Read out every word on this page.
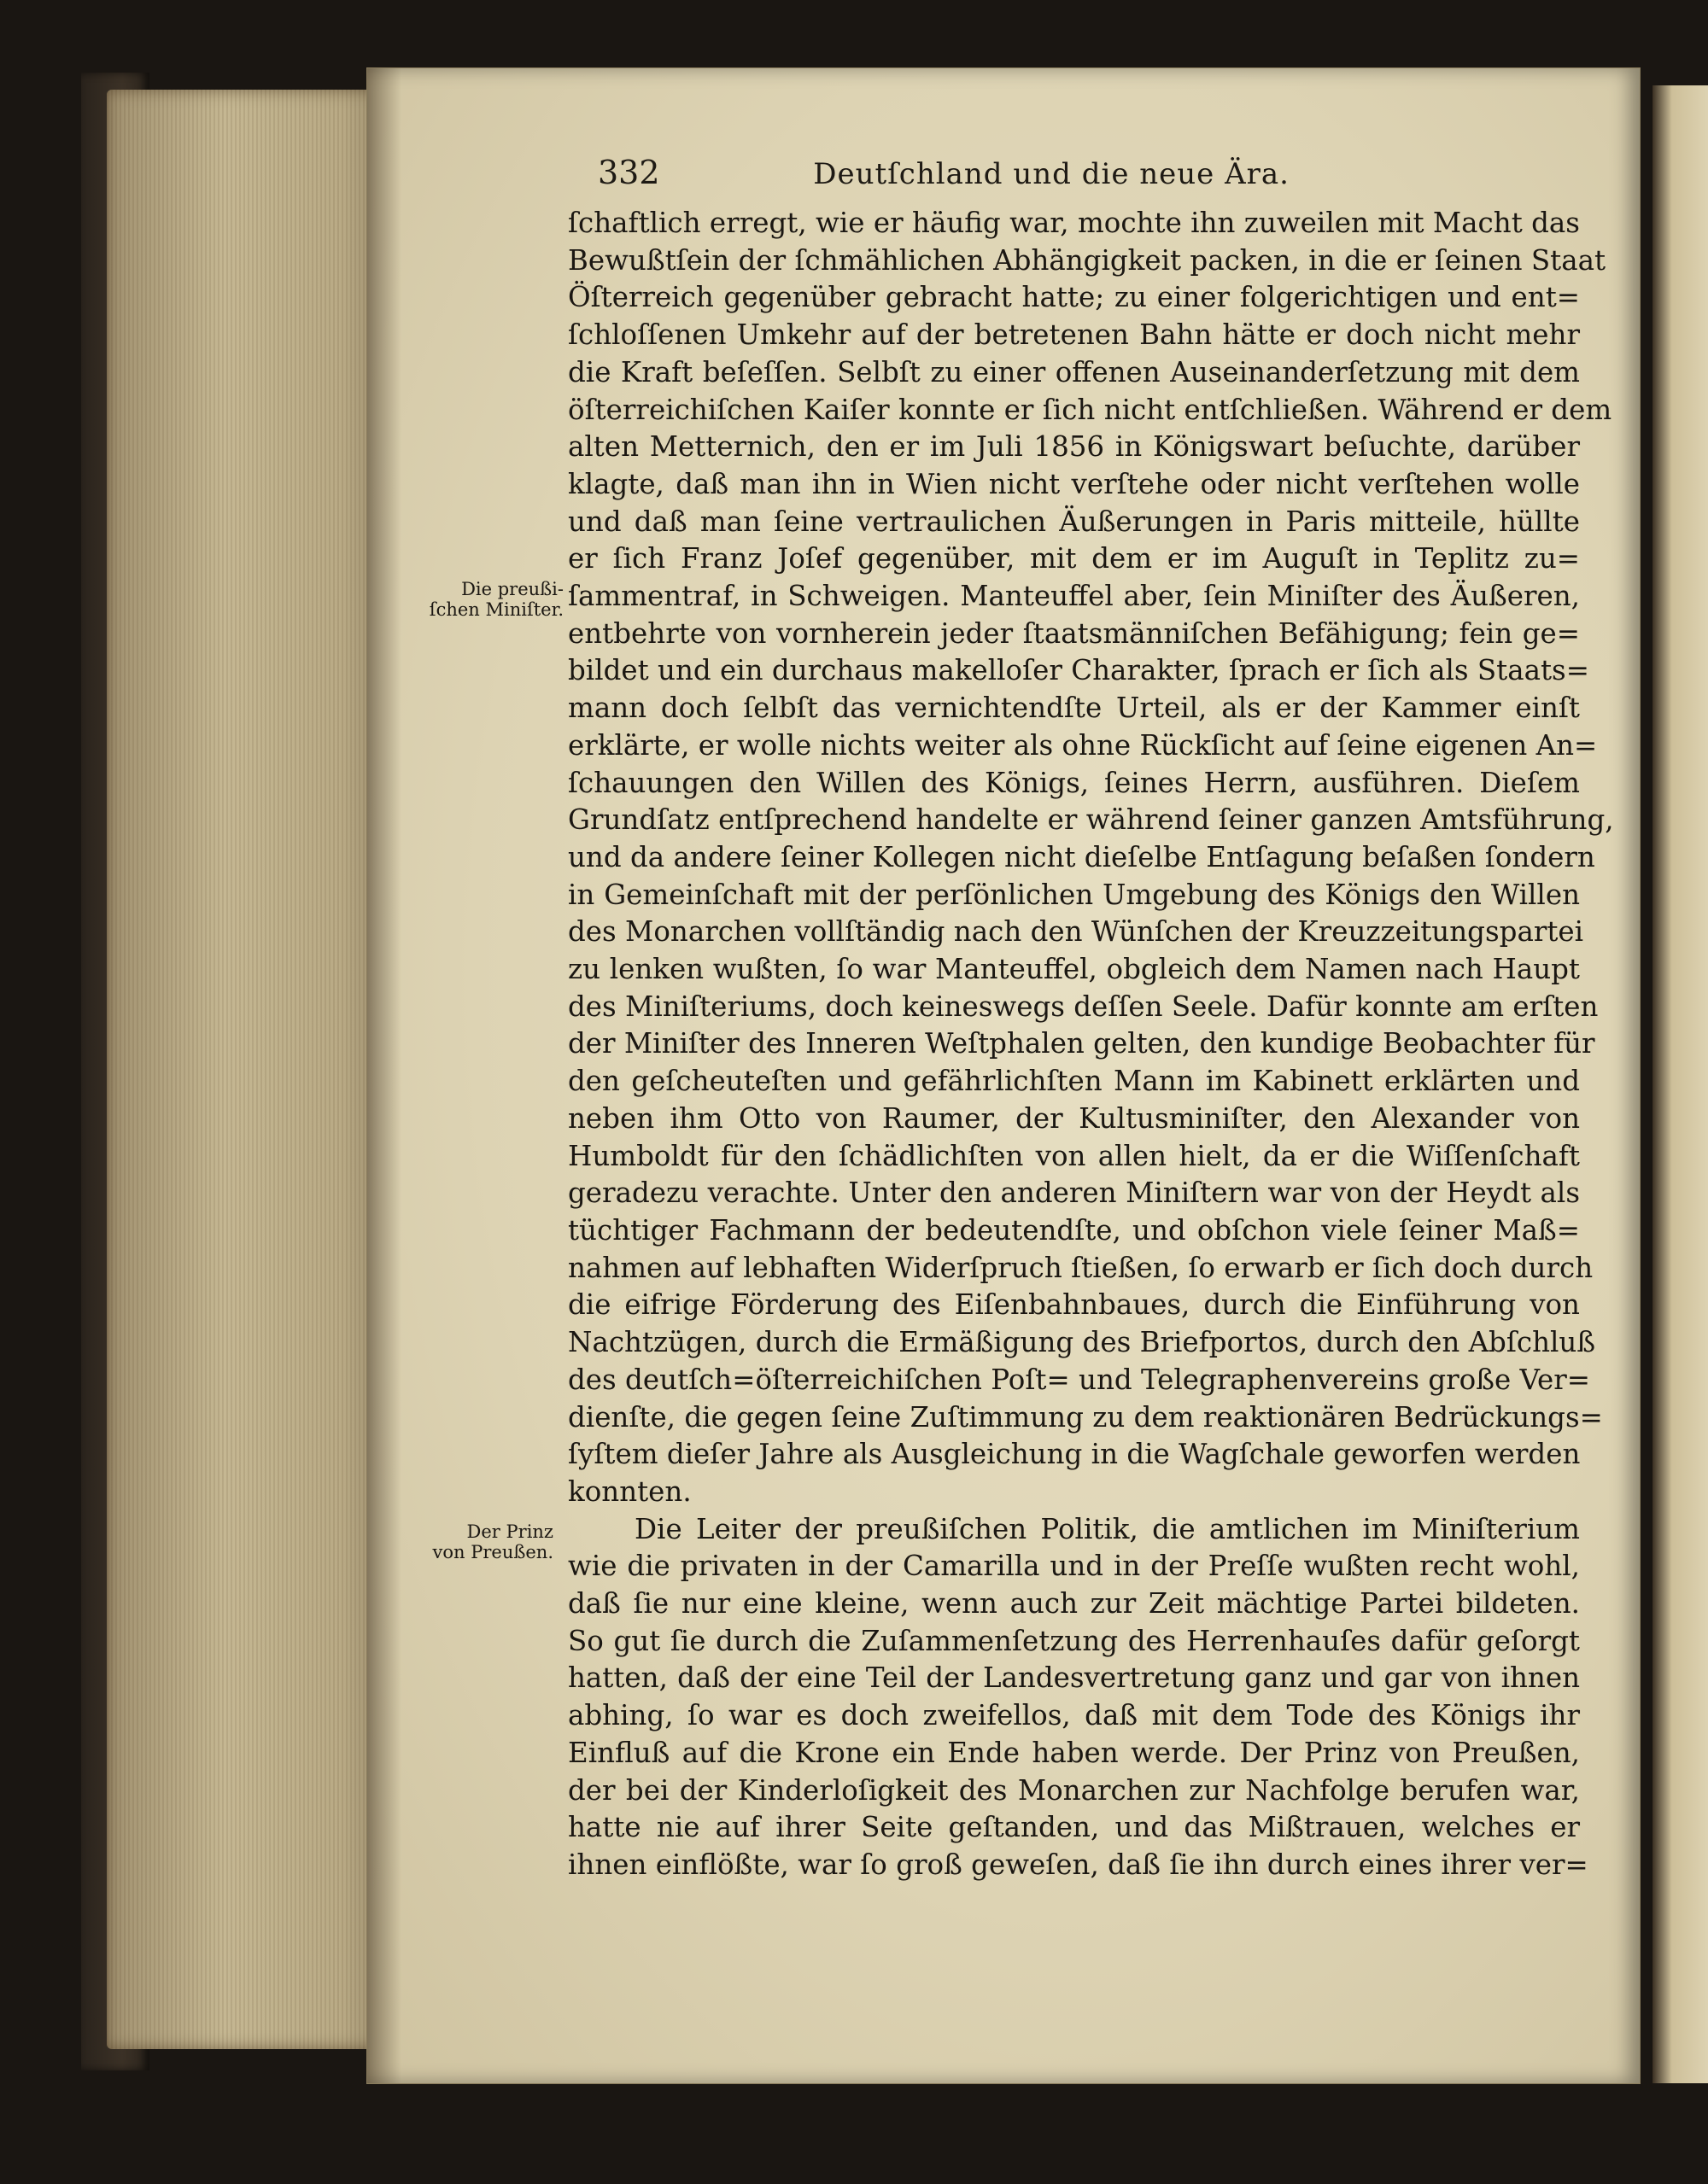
332	Deutſchland und die neue Ära.
Die preußi-
ſchen Miniſter.
Der Prinz
von Preußen.

ſchaftlich erregt, wie er häufig war, mochte ihn zuweilen mit Macht das
Bewußtſein der ſchmählichen Abhängigkeit packen, in die er ſeinen Staat
Öſterreich gegenüber gebracht hatte; zu einer folgerichtigen und ent=
ſchloſſenen Umkehr auf der betretenen Bahn hätte er doch nicht mehr
die Kraft beſeſſen. Selbſt zu einer offenen Auseinanderſetzung mit dem
öſterreichiſchen Kaiſer konnte er ſich nicht entſchließen. Während er dem
alten Metternich, den er im Juli 1856 in Königswart beſuchte, darüber
klagte, daß man ihn in Wien nicht verſtehe oder nicht verſtehen wolle
und daß man ſeine vertraulichen Äußerungen in Paris mitteile, hüllte
er ſich Franz Joſef gegenüber, mit dem er im Auguſt in Teplitz zu=
ſammentraf, in Schweigen. Manteuffel aber, ſein Miniſter des Äußeren,
entbehrte von vornherein jeder ſtaatsmänniſchen Befähigung; fein ge=
bildet und ein durchaus makelloſer Charakter, ſprach er ſich als Staats=
mann doch ſelbſt das vernichtendſte Urteil, als er der Kammer einſt
erklärte, er wolle nichts weiter als ohne Rückſicht auf ſeine eigenen An=
ſchauungen den Willen des Königs, ſeines Herrn, ausführen. Dieſem
Grundſatz entſprechend handelte er während ſeiner ganzen Amtsführung,
und da andere ſeiner Kollegen nicht dieſelbe Entſagung beſaßen ſondern
in Gemeinſchaft mit der perſönlichen Umgebung des Königs den Willen
des Monarchen vollſtändig nach den Wünſchen der Kreuzzeitungspartei
zu lenken wußten, ſo war Manteuffel, obgleich dem Namen nach Haupt
des Miniſteriums, doch keineswegs deſſen Seele. Dafür konnte am erſten
der Miniſter des Inneren Weſtphalen gelten, den kundige Beobachter für
den geſcheuteſten und gefährlichſten Mann im Kabinett erklärten und
neben ihm Otto von Raumer, der Kultusminiſter, den Alexander von
Humboldt für den ſchädlichſten von allen hielt, da er die Wiſſenſchaft
geradezu verachte. Unter den anderen Miniſtern war von der Heydt als
tüchtiger Fachmann der bedeutendſte, und obſchon viele ſeiner Maß=
nahmen auf lebhaften Widerſpruch ſtießen, ſo erwarb er ſich doch durch
die eifrige Förderung des Eiſenbahnbaues, durch die Einführung von
Nachtzügen, durch die Ermäßigung des Briefportos, durch den Abſchluß
des deutſch=öſterreichiſchen Poſt= und Telegraphenvereins große Ver=
dienſte, die gegen ſeine Zuſtimmung zu dem reaktionären Bedrückungs=
ſyſtem dieſer Jahre als Ausgleichung in die Wagſchale geworfen werden
konnten.

Die Leiter der preußiſchen Politik, die amtlichen im Miniſterium
wie die privaten in der Camarilla und in der Preſſe wußten recht wohl,
daß ſie nur eine kleine, wenn auch zur Zeit mächtige Partei bildeten.
So gut ſie durch die Zuſammenſetzung des Herrenhauſes dafür geſorgt
hatten, daß der eine Teil der Landesvertretung ganz und gar von ihnen
abhing, ſo war es doch zweifellos, daß mit dem Tode des Königs ihr
Einfluß auf die Krone ein Ende haben werde. Der Prinz von Preußen,
der bei der Kinderloſigkeit des Monarchen zur Nachfolge berufen war,
hatte nie auf ihrer Seite geſtanden, und das Mißtrauen, welches er
ihnen einflößte, war ſo groß geweſen, daß ſie ihn durch eines ihrer ver=
